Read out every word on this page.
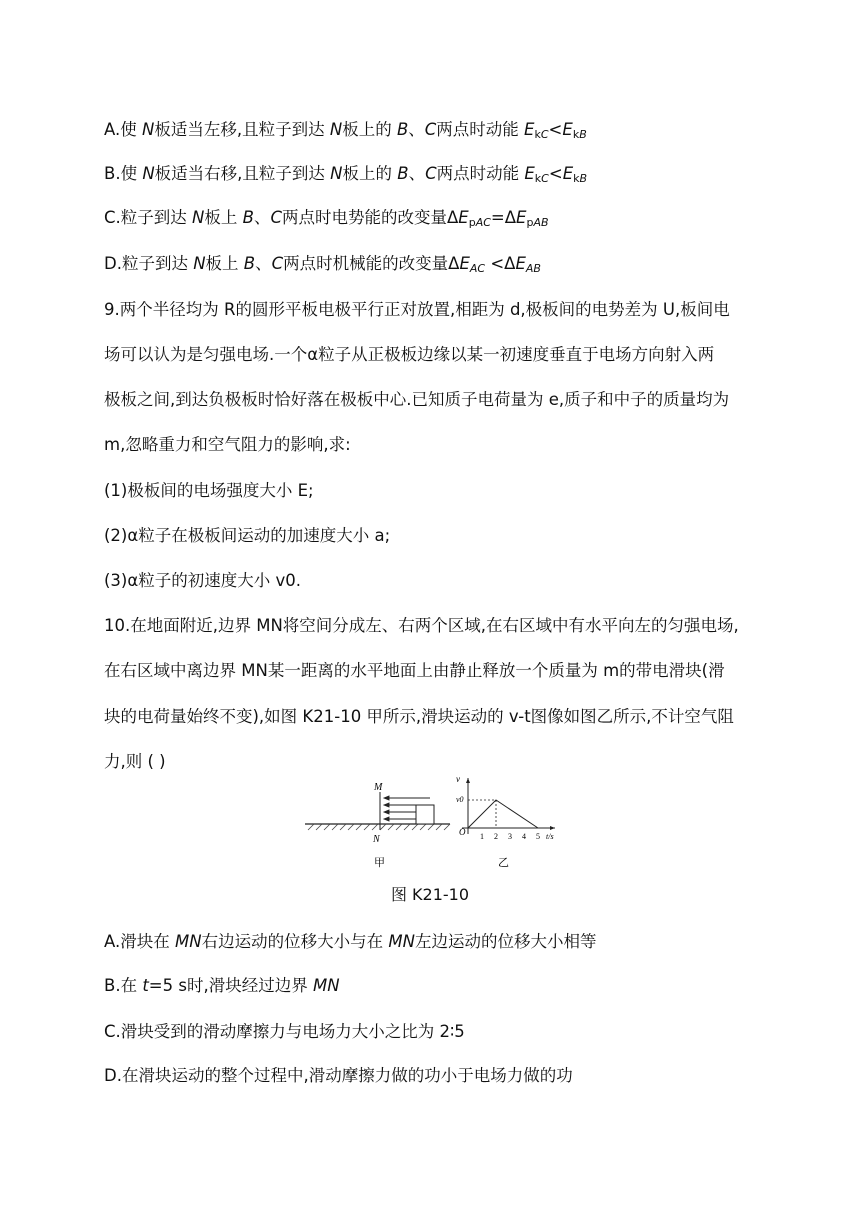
A.使 N板适当左移,且粒子到达 N板上的 B、C两点时动能 $E_{kC}<E_{kB}$
B.使 N板适当右移,且粒子到达 N板上的 B、C两点时动能 $E_{kC}<E_{kB}$
C.粒子到达 N板上 B、C两点时电势能的改变量$\Delta E_{pAC}=\Delta E_{pAB}$
D.粒子到达 N板上 B、C两点时机械能的改变量$\Delta E_{AC} <\Delta E_{AB}$
9.两个半径均为 R的圆形平板电极平行正对放置,相距为 d,极板间的电势差为 U,板间电
场可以认为是匀强电场.一个α粒子从正极板边缘以某一初速度垂直于电场方向射入两
极板之间,到达负极板时恰好落在极板中心.已知质子电荷量为 e,质子和中子的质量均为
m,忽略重力和空气阻力的影响,求:
(1)极板间的电场强度大小 E;
(2)α粒子在极板间运动的加速度大小 a;
(3)α粒子的初速度大小 v0.
10.在地面附近,边界 MN将空间分成左、右两个区域,在右区域中有水平向左的匀强电场,
在右区域中离边界 MN某一距离的水平地面上由静止释放一个质量为 m的带电滑块(滑
块的电荷量始终不变),如图 K21-10 甲所示,滑块运动的 v-t图像如图乙所示,不计空气阻
力,则 ( )
M
N
v
v0
O 1 2 3 4 5 t/s
甲	乙
图 K21-10
A.滑块在 MN右边运动的位移大小与在 MN左边运动的位移大小相等
B.在 t=5 s时,滑块经过边界 MN
C.滑块受到的滑动摩擦力与电场力大小之比为 2∶5
D.在滑块运动的整个过程中,滑动摩擦力做的功小于电场力做的功
